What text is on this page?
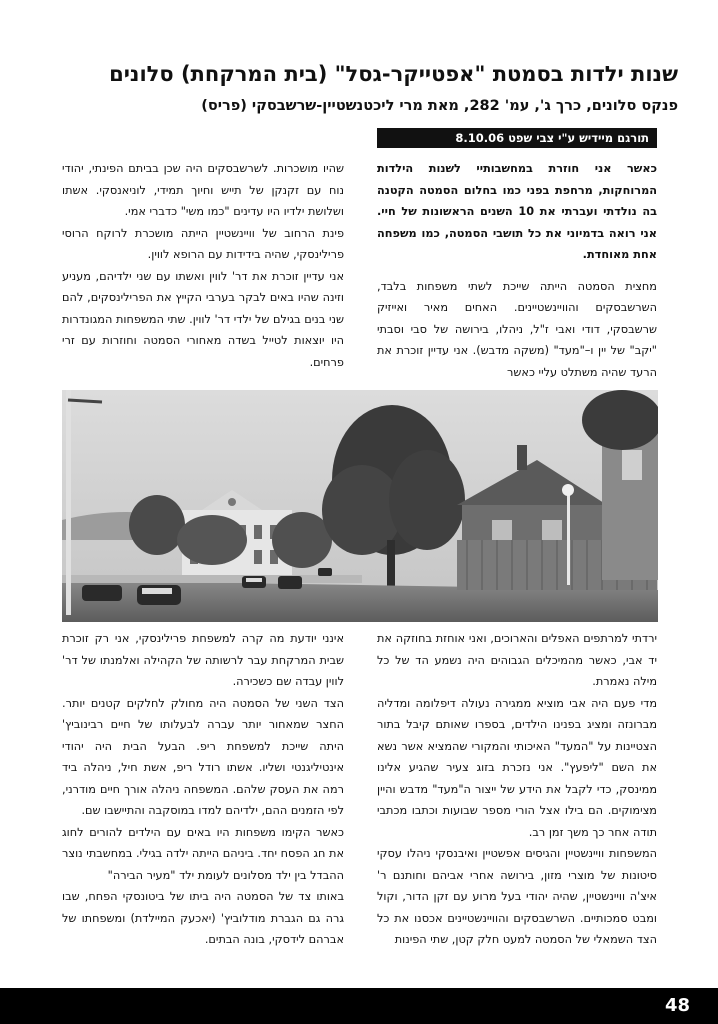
שנות ילדות בסמטת "אפטייקר-גסל" (בית המרקחת) סלונים
פנקס סלונים, כרך ג', עמ' 282, מאת מרי ליכטנשטיין-שרשבסקי (פריס)
תורגם מיידיש ע"י צבי שפט 8.10.06

כאשר אני חוזרת במחשבותיי לשנות הילדות המרוחקות, מרחפת בפני כמו בחלום הסמטה הקטנה בה נולדתי ועברתי את 10 השנים הראשונות של חיי. אני רואה בדמיוני את כל תושבי הסמטה, כמו משפחה אחת מאוחדת.

מחצית הסמטה הייתה שייכת לשתי משפחות בלבד, השרשבסקים והוויינשטיינים. האחים מאיר ואייזיק שרשבסקי, דודי ואבי ז"ל, ניהלו, בירושה של סבי וסבתי "יקב" של יין ו–"מעד" (משקה מדבש). אני עדיין זוכרת את הרעד שהיה משתלט עליי כאשר

שהיו מושכרות. לשרשבסקים היה שכן בביתם הפינתי, יהודי נוח עם זקנקן של תייש וחיוך תמידי, לוניאנסקי. אשתו ושלושת ילדיו היו עדינים "כמו משי" כדברי אמי.

פינת הרחוב של וויינשטיין הייתה מושכרת לרוקח הרוסי פרילינסקי, שהיה בידידות עם הרופא לווין.

אני עדיין זוכרת את דר' לווין ואשתו עם שני ילדיהם, מעניע וזינה שהיו באים לבקר בערבי הקייץ את הפרילינסקים, להם שני בנים בגילם של ילדי דר' לווין. שתי המשפחות המגונדרות היו יוצאות לטייל בשדה מאחורי הסמטה וחוזרות עם זרי פרחים.

ירדתי למרתפים האפלים והארוכים, ואני אוחזת בחוזקה את יד אבי, כאשר מהמיכלים הגבוהים היה נשמע הד של כל מילה נאמרת.

מדי פעם היה אבי מוציא ממגירה נעולה דיפלומה ומדליה מברונזה ומציג בפנינו הילדים, בספרו שאותם קיבל בתור הצטיינות על "המעד" האיכותי והמקורי שהמציא אשר נשא את השם "ליפעץ". אני נזכרת בזוג צעיר שהגיע אלינו ממינסק, כדי לקבל את הידע של ייצור ה"מעד" מדבש והיין מצימוקים. הם בילו אצל הורי מספר שבועות וכתבו מכתבי תודה אחר כך משך זמן רב.

המשפחות וויינשטיין והגיסים אפשטיין ואיבנסקי ניהלו עסקי סיטונות של מוצרי מזון, בירושה אחרי אביהם וחותנם ר' איצ'ה וויינשטיין, שהיה יהודי בעל מרוע עם זקן הדור, וקול ומבט סמכותיים. השרשבסקים והוויינשטיינים אכסנו את כל הצד השמאלי של הסמטה למעט חלק קטן, שתי הפינות

אינני יודעת מה קרה למשפחת פרילינסקי, אני רק זוכרת שבית המרקחת עבר לרשותה של הקהילה ואלמנתו של דר' לווין עבדה שם כשכירה.

הצד השני של הסמטה היה מחולק לחלקים קטנים יותר. החצר שמאחור יותר עברה לבעלותו של חיים רבינוביץ' היתה שייכת למשפחת ריפ. הבעל הבית היה יהודי אינטיליגנטי ושליו. אשתו רודל ריפ, אשת חיל, ניהלה ביד רמה את העסק שלהם. המשפחה ניהלה אורך חיים מודרני, לפי הזמנים ההם, ילדיהם למדו במוסקבה והתיישבו שם.

כאשר הקימו משפחות היו באים עם הילדים להורים לחוג את חג הפסח יחד. ביניהם הייתה ילדה בגילי. במחשבתי נוצר ההבדל בין ילד מסלונים לעומת ילד "מעיר הבירה"

באותו צד של הסמטה היה ביתו של ביטונסקי הפחח, שבו גרה גם הגברת מודלוביץ' (יאכעק המיילדת) ומשפחתו של אברהם לידסקי, בונה הבתים.

48
